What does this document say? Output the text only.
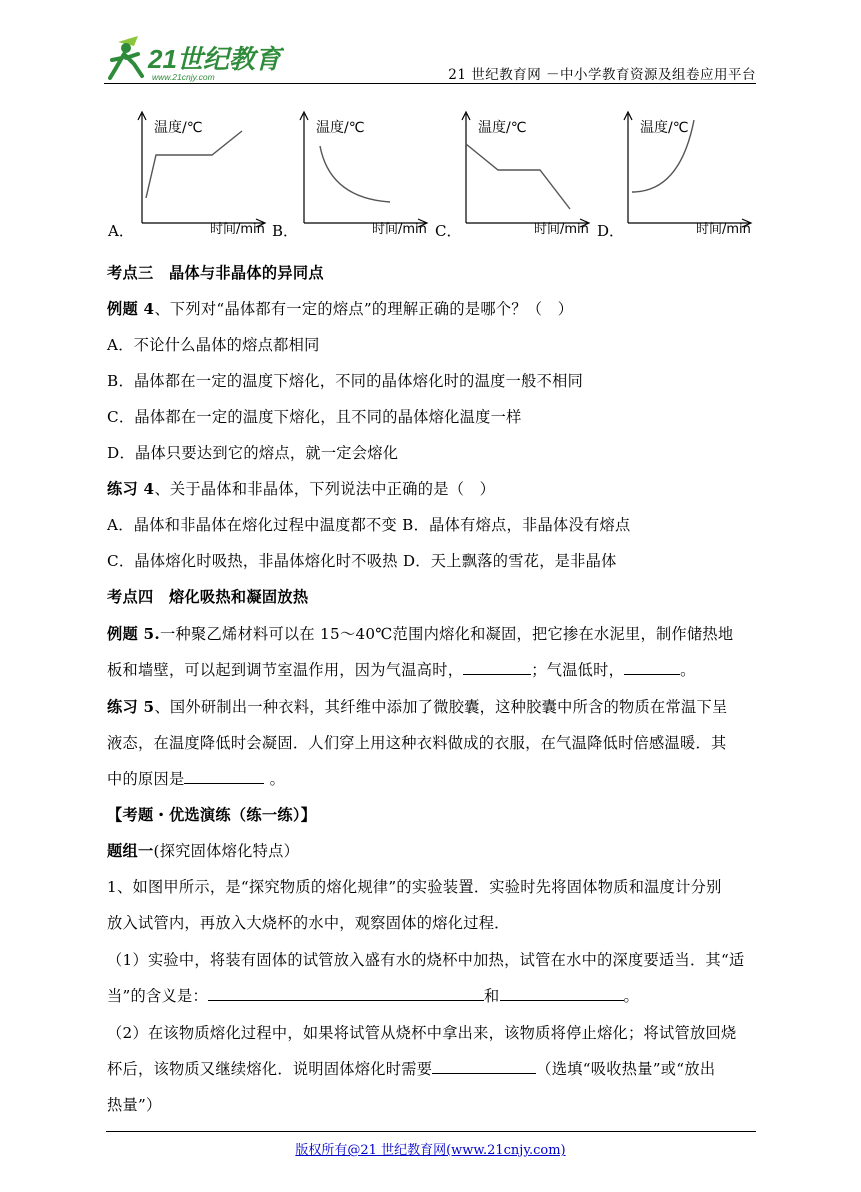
21世纪教育
www.21cnjy.com	21 世纪教育网 －中小学教育资源及组卷应用平台
温度/℃
时间/min
A．
温度/℃
时间/min
B．
温度/℃
时间/min
C．
温度/℃
时间/min
D．
考点三　晶体与非晶体的异同点
例题 4、下列对“晶体都有一定的熔点”的理解正确的是哪个？（　）
A．不论什么晶体的熔点都相同
B．晶体都在一定的温度下熔化，不同的晶体熔化时的温度一般不相同
C．晶体都在一定的温度下熔化，且不同的晶体熔化温度一样
D．晶体只要达到它的熔点，就一定会熔化
练习 4、关于晶体和非晶体，下列说法中正确的是（　）
A．晶体和非晶体在熔化过程中温度都不变 B．晶体有熔点，非晶体没有熔点
C．晶体熔化时吸热，非晶体熔化时不吸热 D．天上飘落的雪花，是非晶体
考点四　熔化吸热和凝固放热
例题 5.一种聚乙烯材料可以在 15～40℃范围内熔化和凝固，把它掺在水泥里，制作储热地
板和墙壁，可以起到调节室温作用，因为气温高时，	；气温低时，	。
练习 5、国外研制出一种衣料，其纤维中添加了微胶囊，这种胶囊中所含的物质在常温下呈
液态，在温度降低时会凝固．人们穿上用这种衣料做成的衣服，在气温降低时倍感温暖．其
中的原因是	。
【考题・优选演练（练一练）】
题组一(探究固体熔化特点）
1、如图甲所示，是“探究物质的熔化规律”的实验装置．实验时先将固体物质和温度计分别
放入试管内，再放入大烧杯的水中，观察固体的熔化过程．
（1）实验中，将装有固体的试管放入盛有水的烧杯中加热，试管在水中的深度要适当．其“适
当”的含义是：	和	。
（2）在该物质熔化过程中，如果将试管从烧杯中拿出来，该物质将停止熔化；将试管放回烧
杯后，该物质又继续熔化．说明固体熔化时需要	（选填“吸收热量”或“放出
热量”）
版权所有@21 世纪教育网(www.21cnjy.com)
